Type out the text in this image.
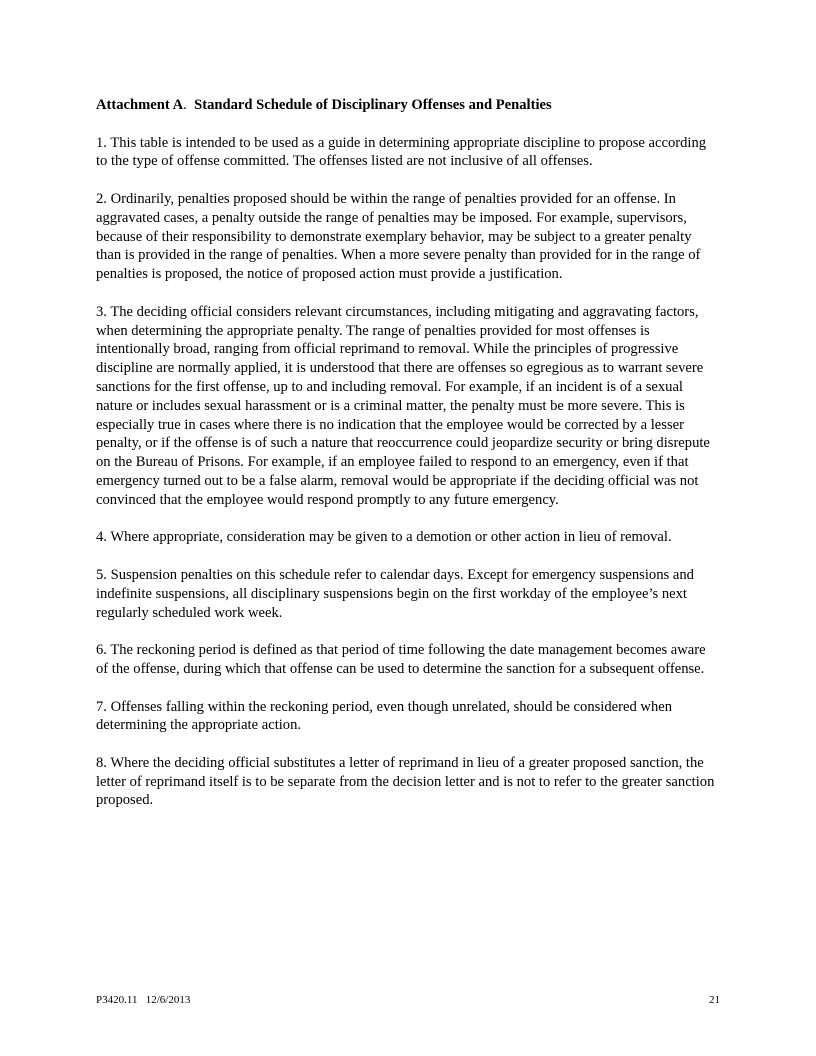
Attachment A.  Standard Schedule of Disciplinary Offenses and Penalties

1. This table is intended to be used as a guide in determining appropriate discipline to propose according to the type of offense committed. The offenses listed are not inclusive of all offenses.

2. Ordinarily, penalties proposed should be within the range of penalties provided for an offense. In aggravated cases, a penalty outside the range of penalties may be imposed. For example, supervisors, because of their responsibility to demonstrate exemplary behavior, may be subject to a greater penalty than is provided in the range of penalties. When a more severe penalty than provided for in the range of penalties is proposed, the notice of proposed action must provide a justification.

3. The deciding official considers relevant circumstances, including mitigating and aggravating factors, when determining the appropriate penalty. The range of penalties provided for most offenses is intentionally broad, ranging from official reprimand to removal. While the principles of progressive discipline are normally applied, it is understood that there are offenses so egregious as to warrant severe sanctions for the first offense, up to and including removal. For example, if an incident is of a sexual nature or includes sexual harassment or is a criminal matter, the penalty must be more severe. This is especially true in cases where there is no indication that the employee would be corrected by a lesser penalty, or if the offense is of such a nature that reoccurrence could jeopardize security or bring disrepute on the Bureau of Prisons. For example, if an employee failed to respond to an emergency, even if that emergency turned out to be a false alarm, removal would be appropriate if the deciding official was not convinced that the employee would respond promptly to any future emergency.

4. Where appropriate, consideration may be given to a demotion or other action in lieu of removal.

5. Suspension penalties on this schedule refer to calendar days. Except for emergency suspensions and indefinite suspensions, all disciplinary suspensions begin on the first workday of the employee’s next regularly scheduled work week.

6. The reckoning period is defined as that period of time following the date management becomes aware of the offense, during which that offense can be used to determine the sanction for a subsequent offense.

7. Offenses falling within the reckoning period, even though unrelated, should be considered when determining the appropriate action.

8. Where the deciding official substitutes a letter of reprimand in lieu of a greater proposed sanction, the letter of reprimand itself is to be separate from the decision letter and is not to refer to the greater sanction proposed.

P3420.11   12/6/2013	21
